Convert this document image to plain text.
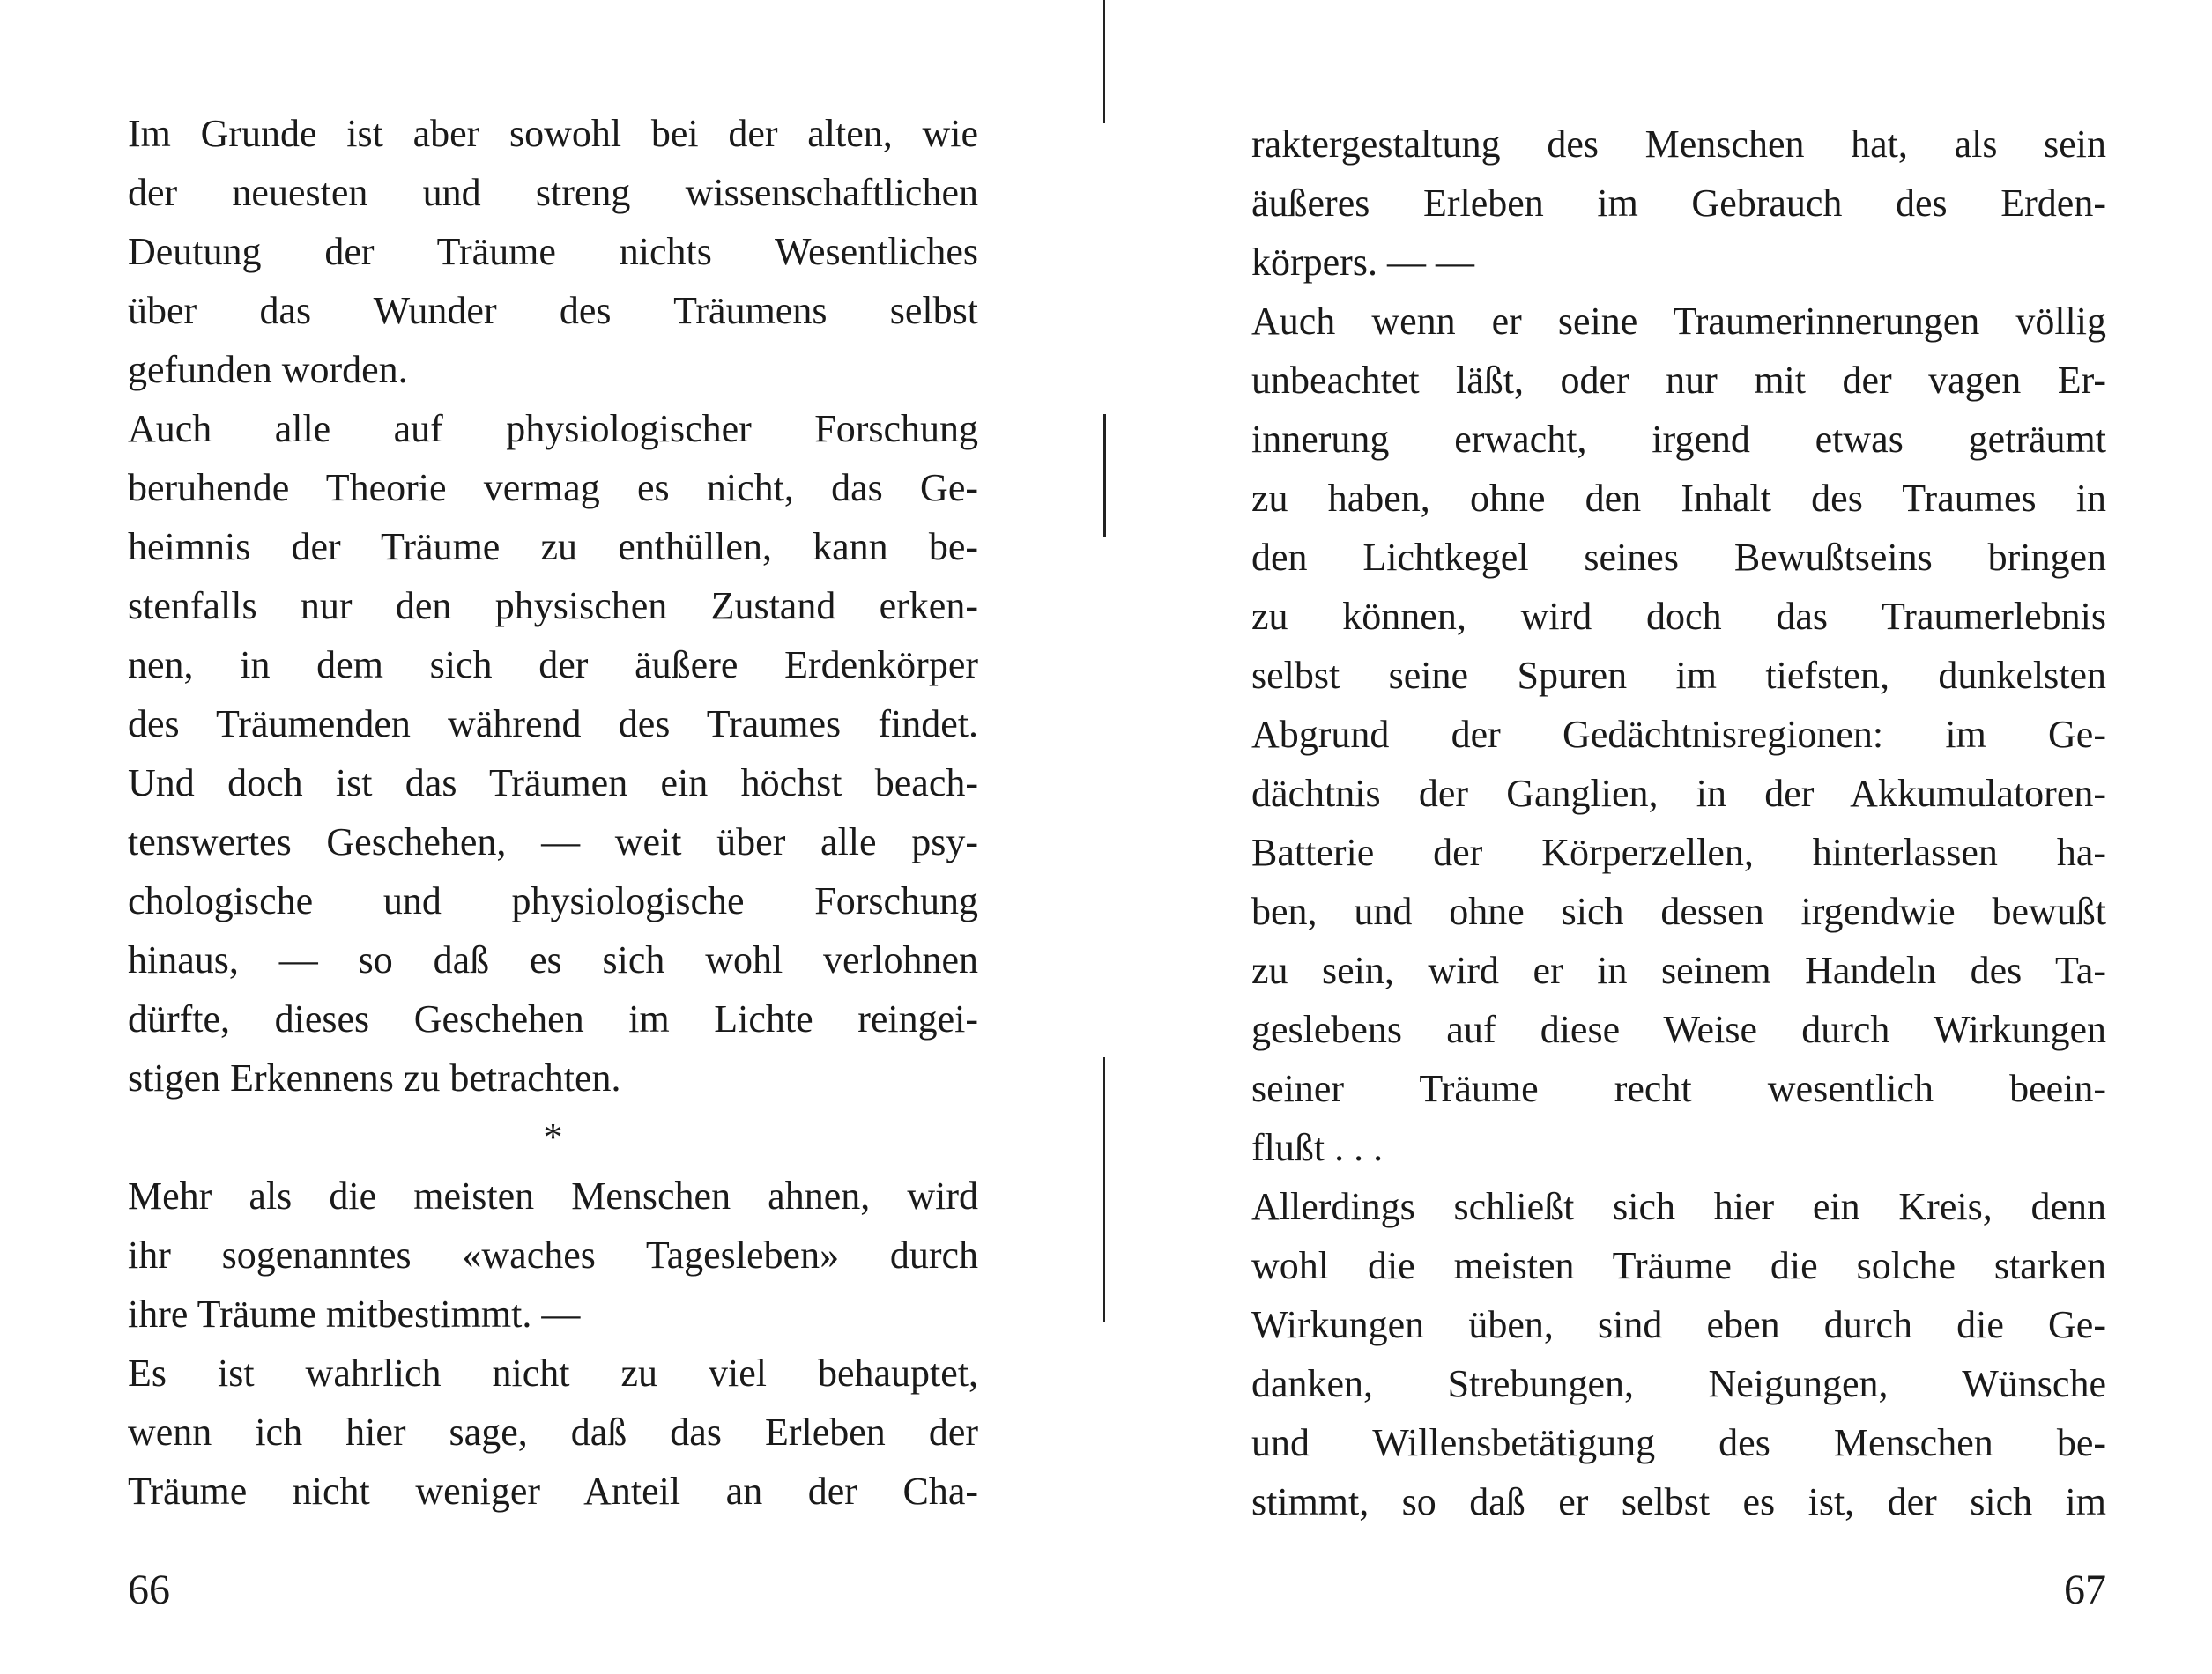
Im Grunde ist aber sowohl bei der alten, wie
der neuesten und streng wissenschaftlichen
Deutung der Träume nichts Wesentliches
über das Wunder des Träumens selbst
gefunden worden.
Auch alle auf physiologischer Forschung
beruhende Theorie vermag es nicht, das Ge-
heimnis der Träume zu enthüllen, kann be-
stenfalls nur den physischen Zustand erken-
nen, in dem sich der äußere Erdenkörper
des Träumenden während des Traumes findet.
Und doch ist das Träumen ein höchst beach-
tenswertes Geschehen, — weit über alle psy-
chologische und physiologische Forschung
hinaus, — so daß es sich wohl verlohnen
dürfte, dieses Geschehen im Lichte reingei-
stigen Erkennens zu betrachten.
*
Mehr als die meisten Menschen ahnen, wird
ihr sogenanntes «waches Tagesleben» durch
ihre Träume mitbestimmt. —
Es ist wahrlich nicht zu viel behauptet,
wenn ich hier sage, daß das Erleben der
Träume nicht weniger Anteil an der Cha-
66
raktergestaltung des Menschen hat, als sein
äußeres Erleben im Gebrauch des Erden-
körpers. — —
Auch wenn er seine Traumerinnerungen völlig
unbeachtet läßt, oder nur mit der vagen Er-
innerung erwacht, irgend etwas geträumt
zu haben, ohne den Inhalt des Traumes in
den Lichtkegel seines Bewußtseins bringen
zu können, wird doch das Traumerlebnis
selbst seine Spuren im tiefsten, dunkelsten
Abgrund der Gedächtnisregionen: im Ge-
dächtnis der Ganglien, in der Akkumulatoren-
Batterie der Körperzellen, hinterlassen ha-
ben, und ohne sich dessen irgendwie bewußt
zu sein, wird er in seinem Handeln des Ta-
geslebens auf diese Weise durch Wirkungen
seiner Träume recht wesentlich beein-
flußt . . .
Allerdings schließt sich hier ein Kreis, denn
wohl die meisten Träume die solche starken
Wirkungen üben, sind eben durch die Ge-
danken, Strebungen, Neigungen, Wünsche
und Willensbetätigung des Menschen be-
stimmt, so daß er selbst es ist, der sich im
67
